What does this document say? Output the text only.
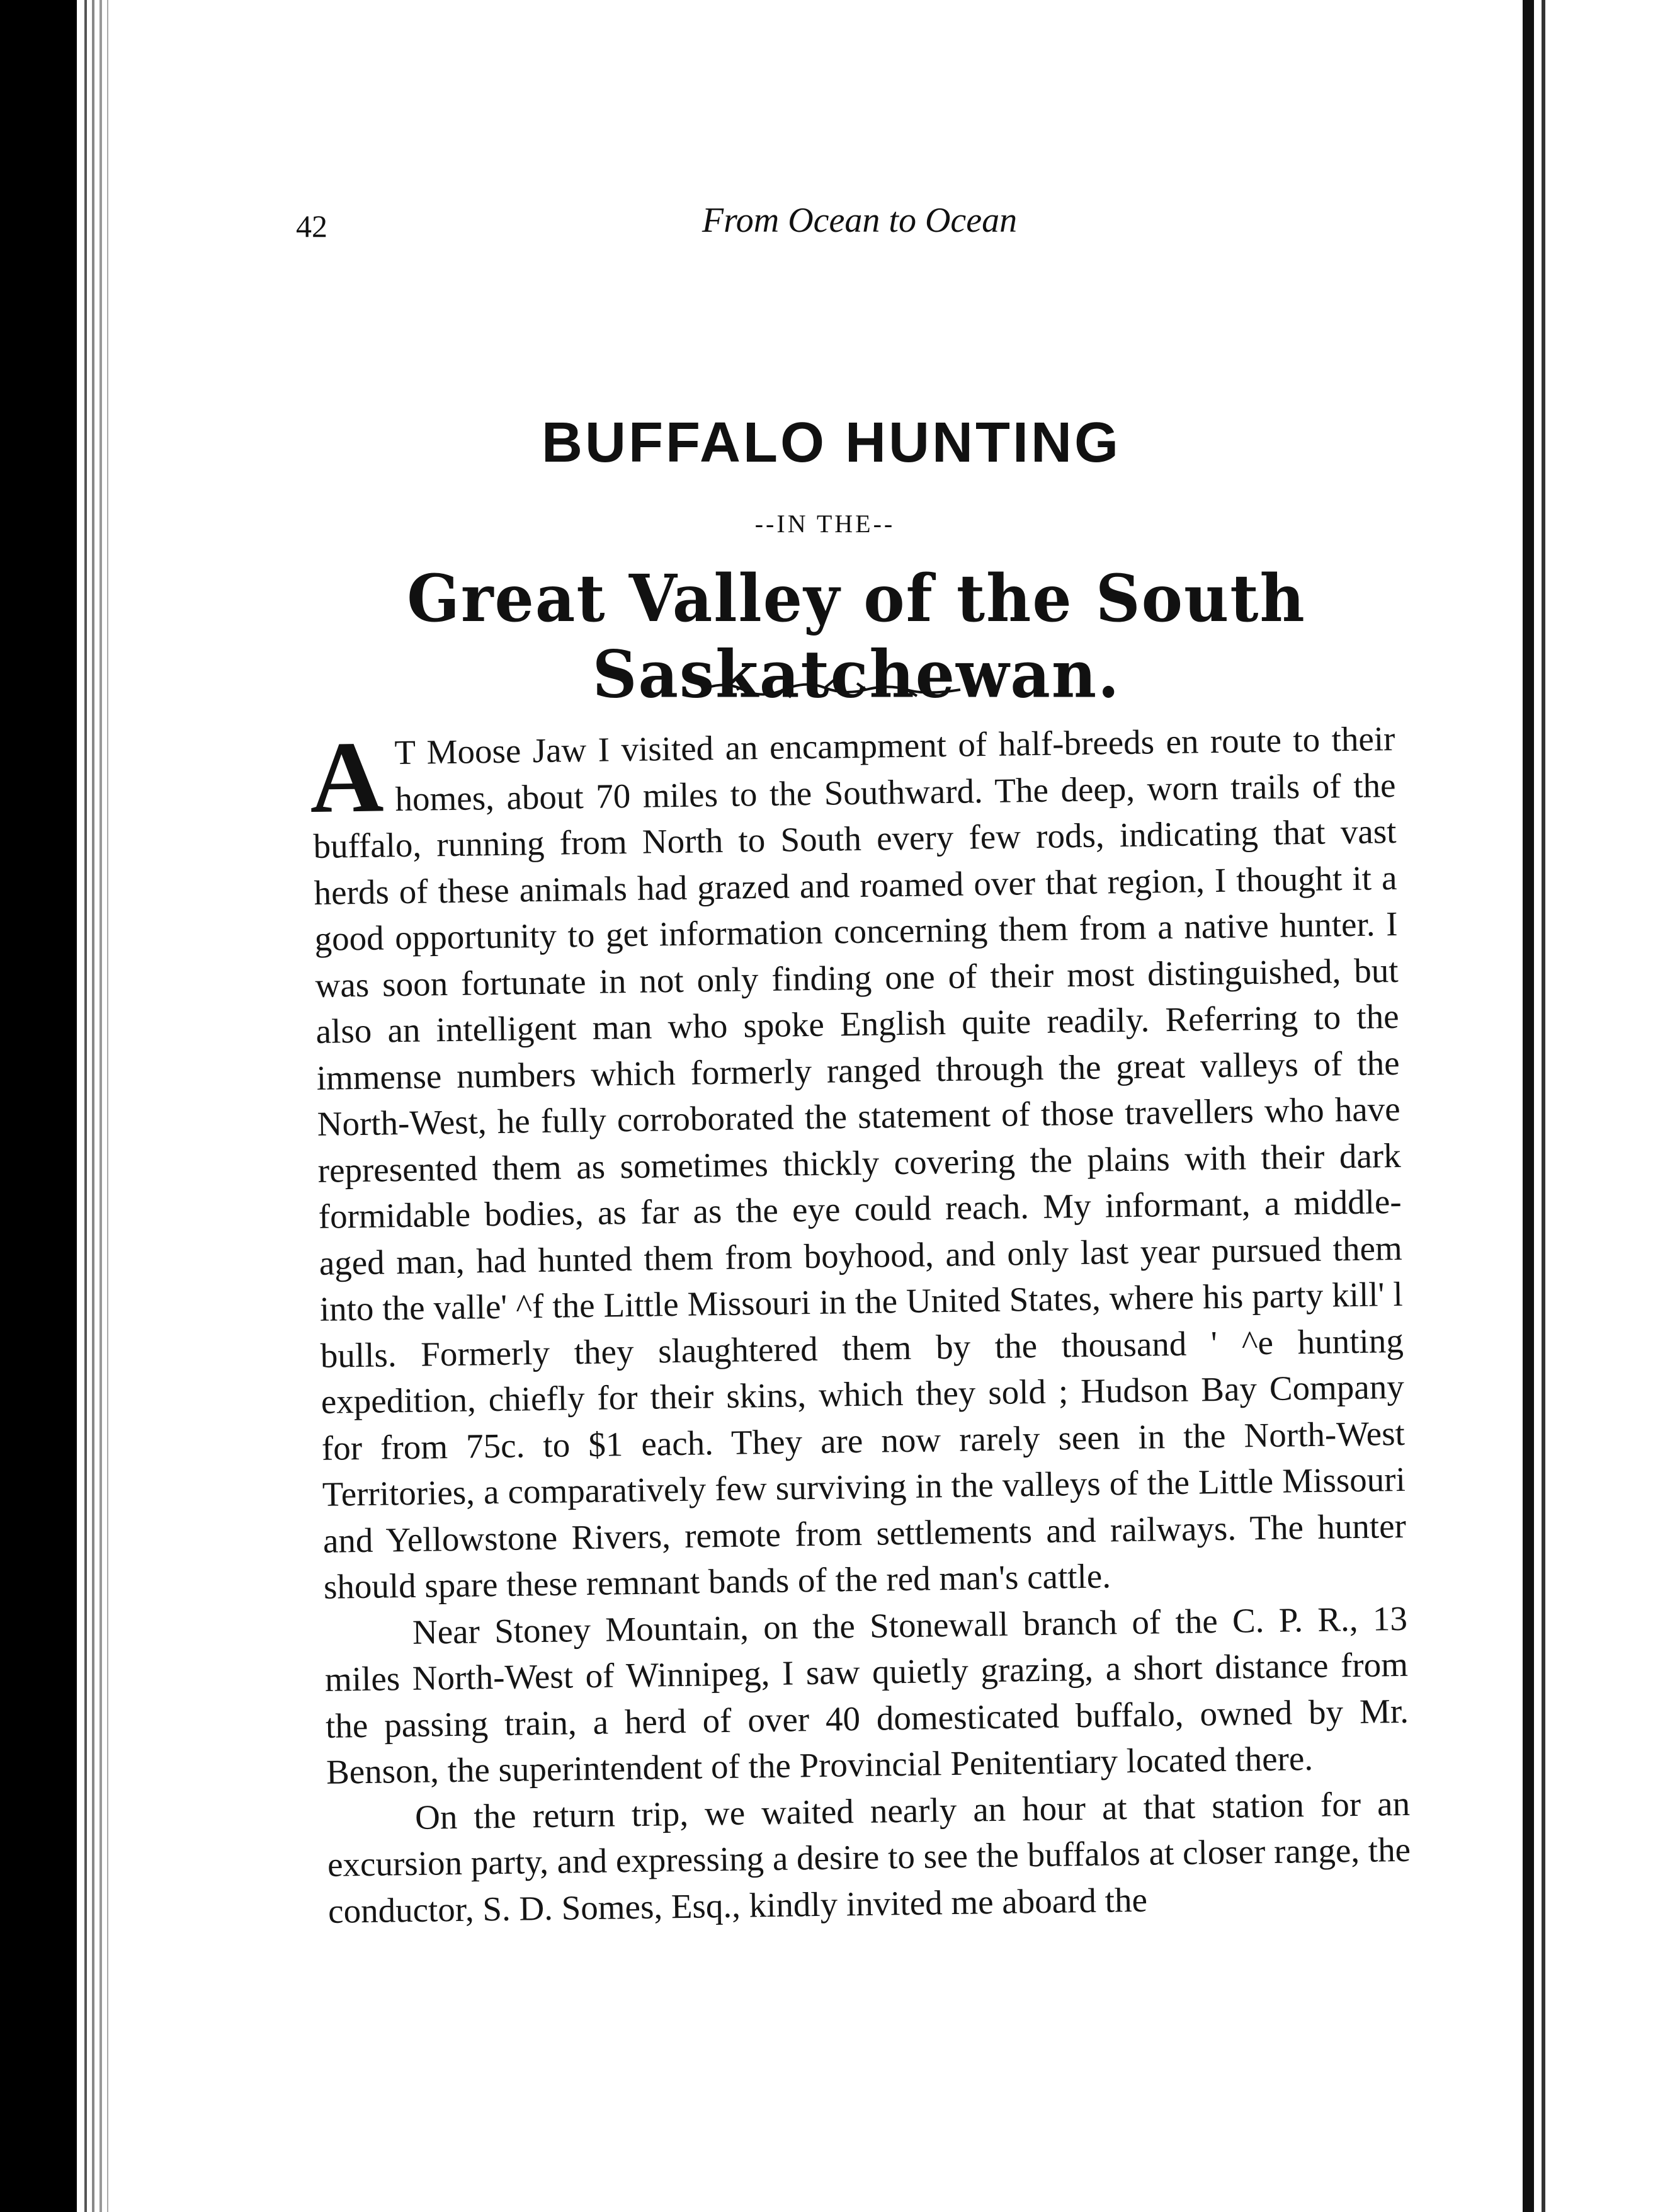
42	From Ocean to Ocean
BUFFALO HUNTING
--IN THE--
Great Valley of the South Saskatchewan.

A T Moose Jaw I visited an encampment of half-breeds en route to their homes, about 70 miles to the Southward. The deep, worn trails of the buffalo, running from North to South every few rods, indicating that vast herds of these animals had grazed and roamed over that region, I thought it a good opportunity to get information concerning them from a native hunter. I was soon fortunate in not only finding one of their most distinguished, but also an intelligent man who spoke English quite readily. Referring to the immense numbers which formerly ranged through the great valleys of the North-West, he fully corroborated the statement of those travellers who have represented them as sometimes thickly covering the plains with their dark formidable bodies, as far as the eye could reach. My informant, a middle-aged man, had hunted them from boyhood, and only last year pursued them into the valle' ^f the Little Missouri in the United States, where his party kill' l bulls. Formerly they slaughtered them by the thousand ' ^e hunting expedition, chiefly for their skins, which they sold ; Hudson Bay Company for from 75c. to $1 each. They are now rarely seen in the North-West Territories, a comparatively few surviving in the valleys of the Little Missouri and Yellowstone Rivers, remote from settlements and railways. The hunter should spare these remnant bands of the red man's cattle.

Near Stoney Mountain, on the Stonewall branch of the C. P. R., 13 miles North-West of Winnipeg, I saw quietly grazing, a short distance from the passing train, a herd of over 40 domesticated buffalo, owned by Mr. Benson, the superintendent of the Provincial Penitentiary located there.

On the return trip, we waited nearly an hour at that station for an excursion party, and expressing a desire to see the buffalos at closer range, the conductor, S. D. Somes, Esq., kindly invited me aboard the
